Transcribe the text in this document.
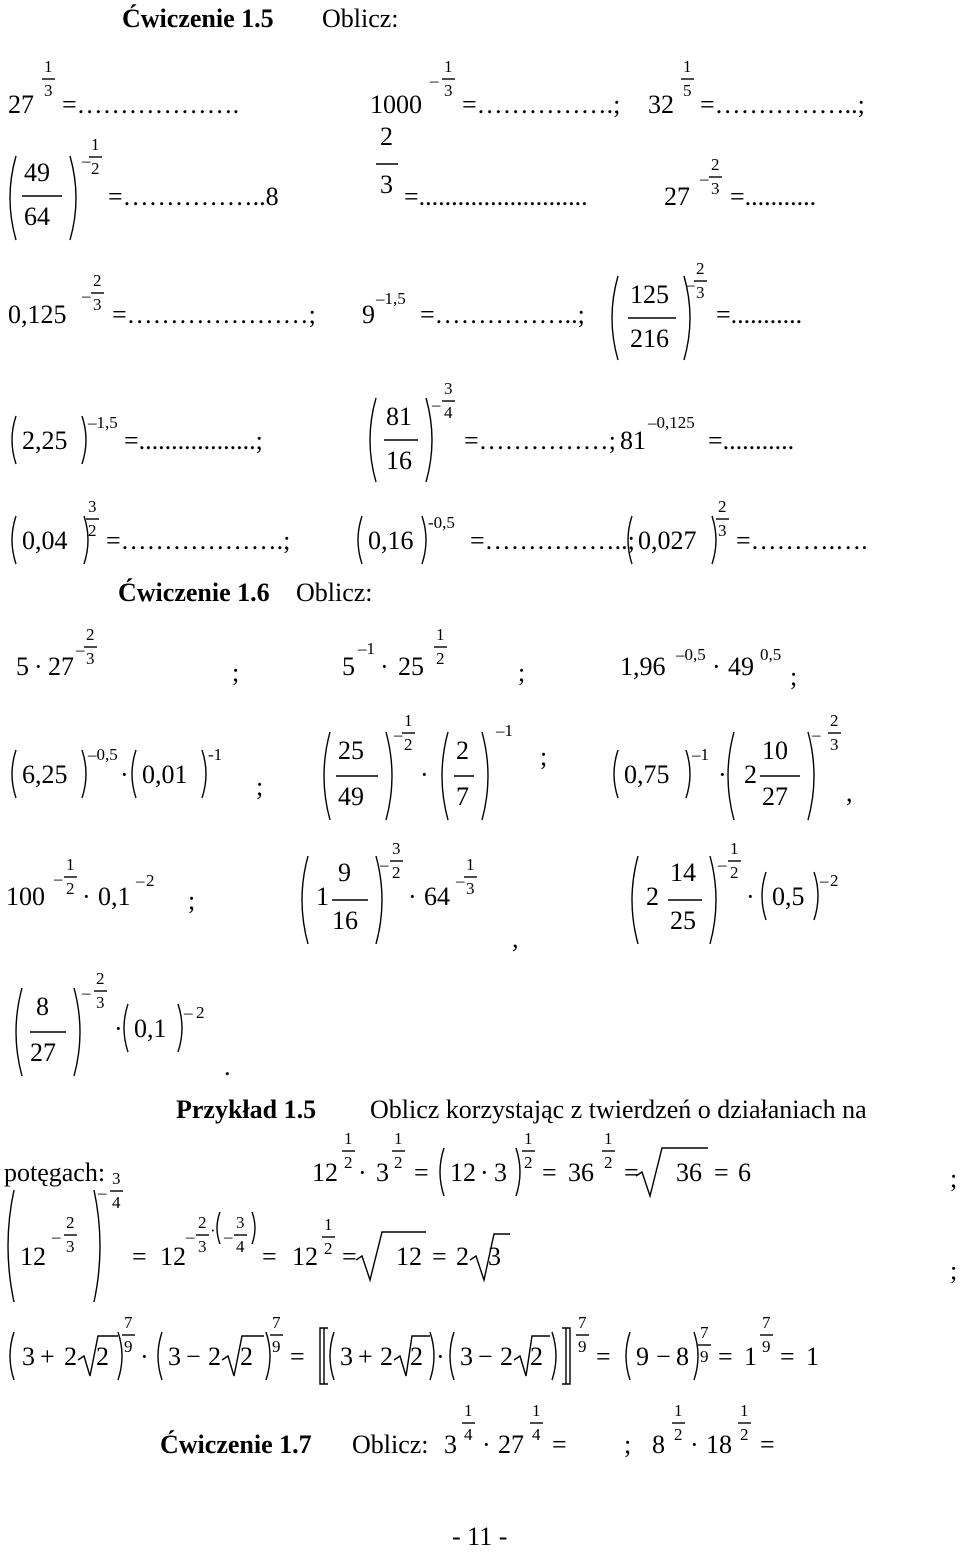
Ćwiczenie 1.5 Oblicz:
27
1
3 =……………….	1000
–
1
3 =…………….; 32
1
5 =……………..;
49
64
–
1
2
=……………..8
2
3 =..........................	27
–
2
3 =...........
0,125
–
2
3 =…………………; 9
–1,5
=……………..;
125
216
–
2
3
=...........
2,25
–1,5
=..................;
81
16
–
3
4
=……………; 81
–0,125
=...........
0,04
3
2 =……………….;	0,16
-0,5
=……………..; 0,027
2
3 =……….….
Ćwiczenie 1.6 Oblicz:
5 · 27
–
2
3	;	5
–1
· 25
1
2	;	1,96 –0,5 · 49 0,5
;
6,25
–0,5
· 0,01
-1
;
25
49
–
1
2
·
2
7
–1
;
0,75
–1
· 2
10
27
–
2
3
,
100
–
1
2 · 0,1
– 2
;	1
9
16
–
3
2
· 64
–
1
3
,
2
14
25
–
1
2
· 0,5
– 2
8
27
–
2
3
· 0,1
– 2
.
Przykład 1.5 Oblicz korzystając z twierdzeń o działaniach na
potęgach:	12
1
2 · 3
1
2 = 12 · 3
1
2 = 36
1
2 = 36 = 6	;
12
–
2
3
–
3
4
= 12
–
2
3
· –
3
4 = 12
1
2 = 12 = 2 3	;
3 + 2 2
7
9 · 3 − 2 2
7
9 = 3 + 2 2 · 3 − 2 2
7
9 = 9 − 8
7
9 = 1
7
9 = 1
Ćwiczenie 1.7 Oblicz: 3
1
4 · 27
1
4 = ; 8
1
2 · 18
1
2 =
- 11 -
